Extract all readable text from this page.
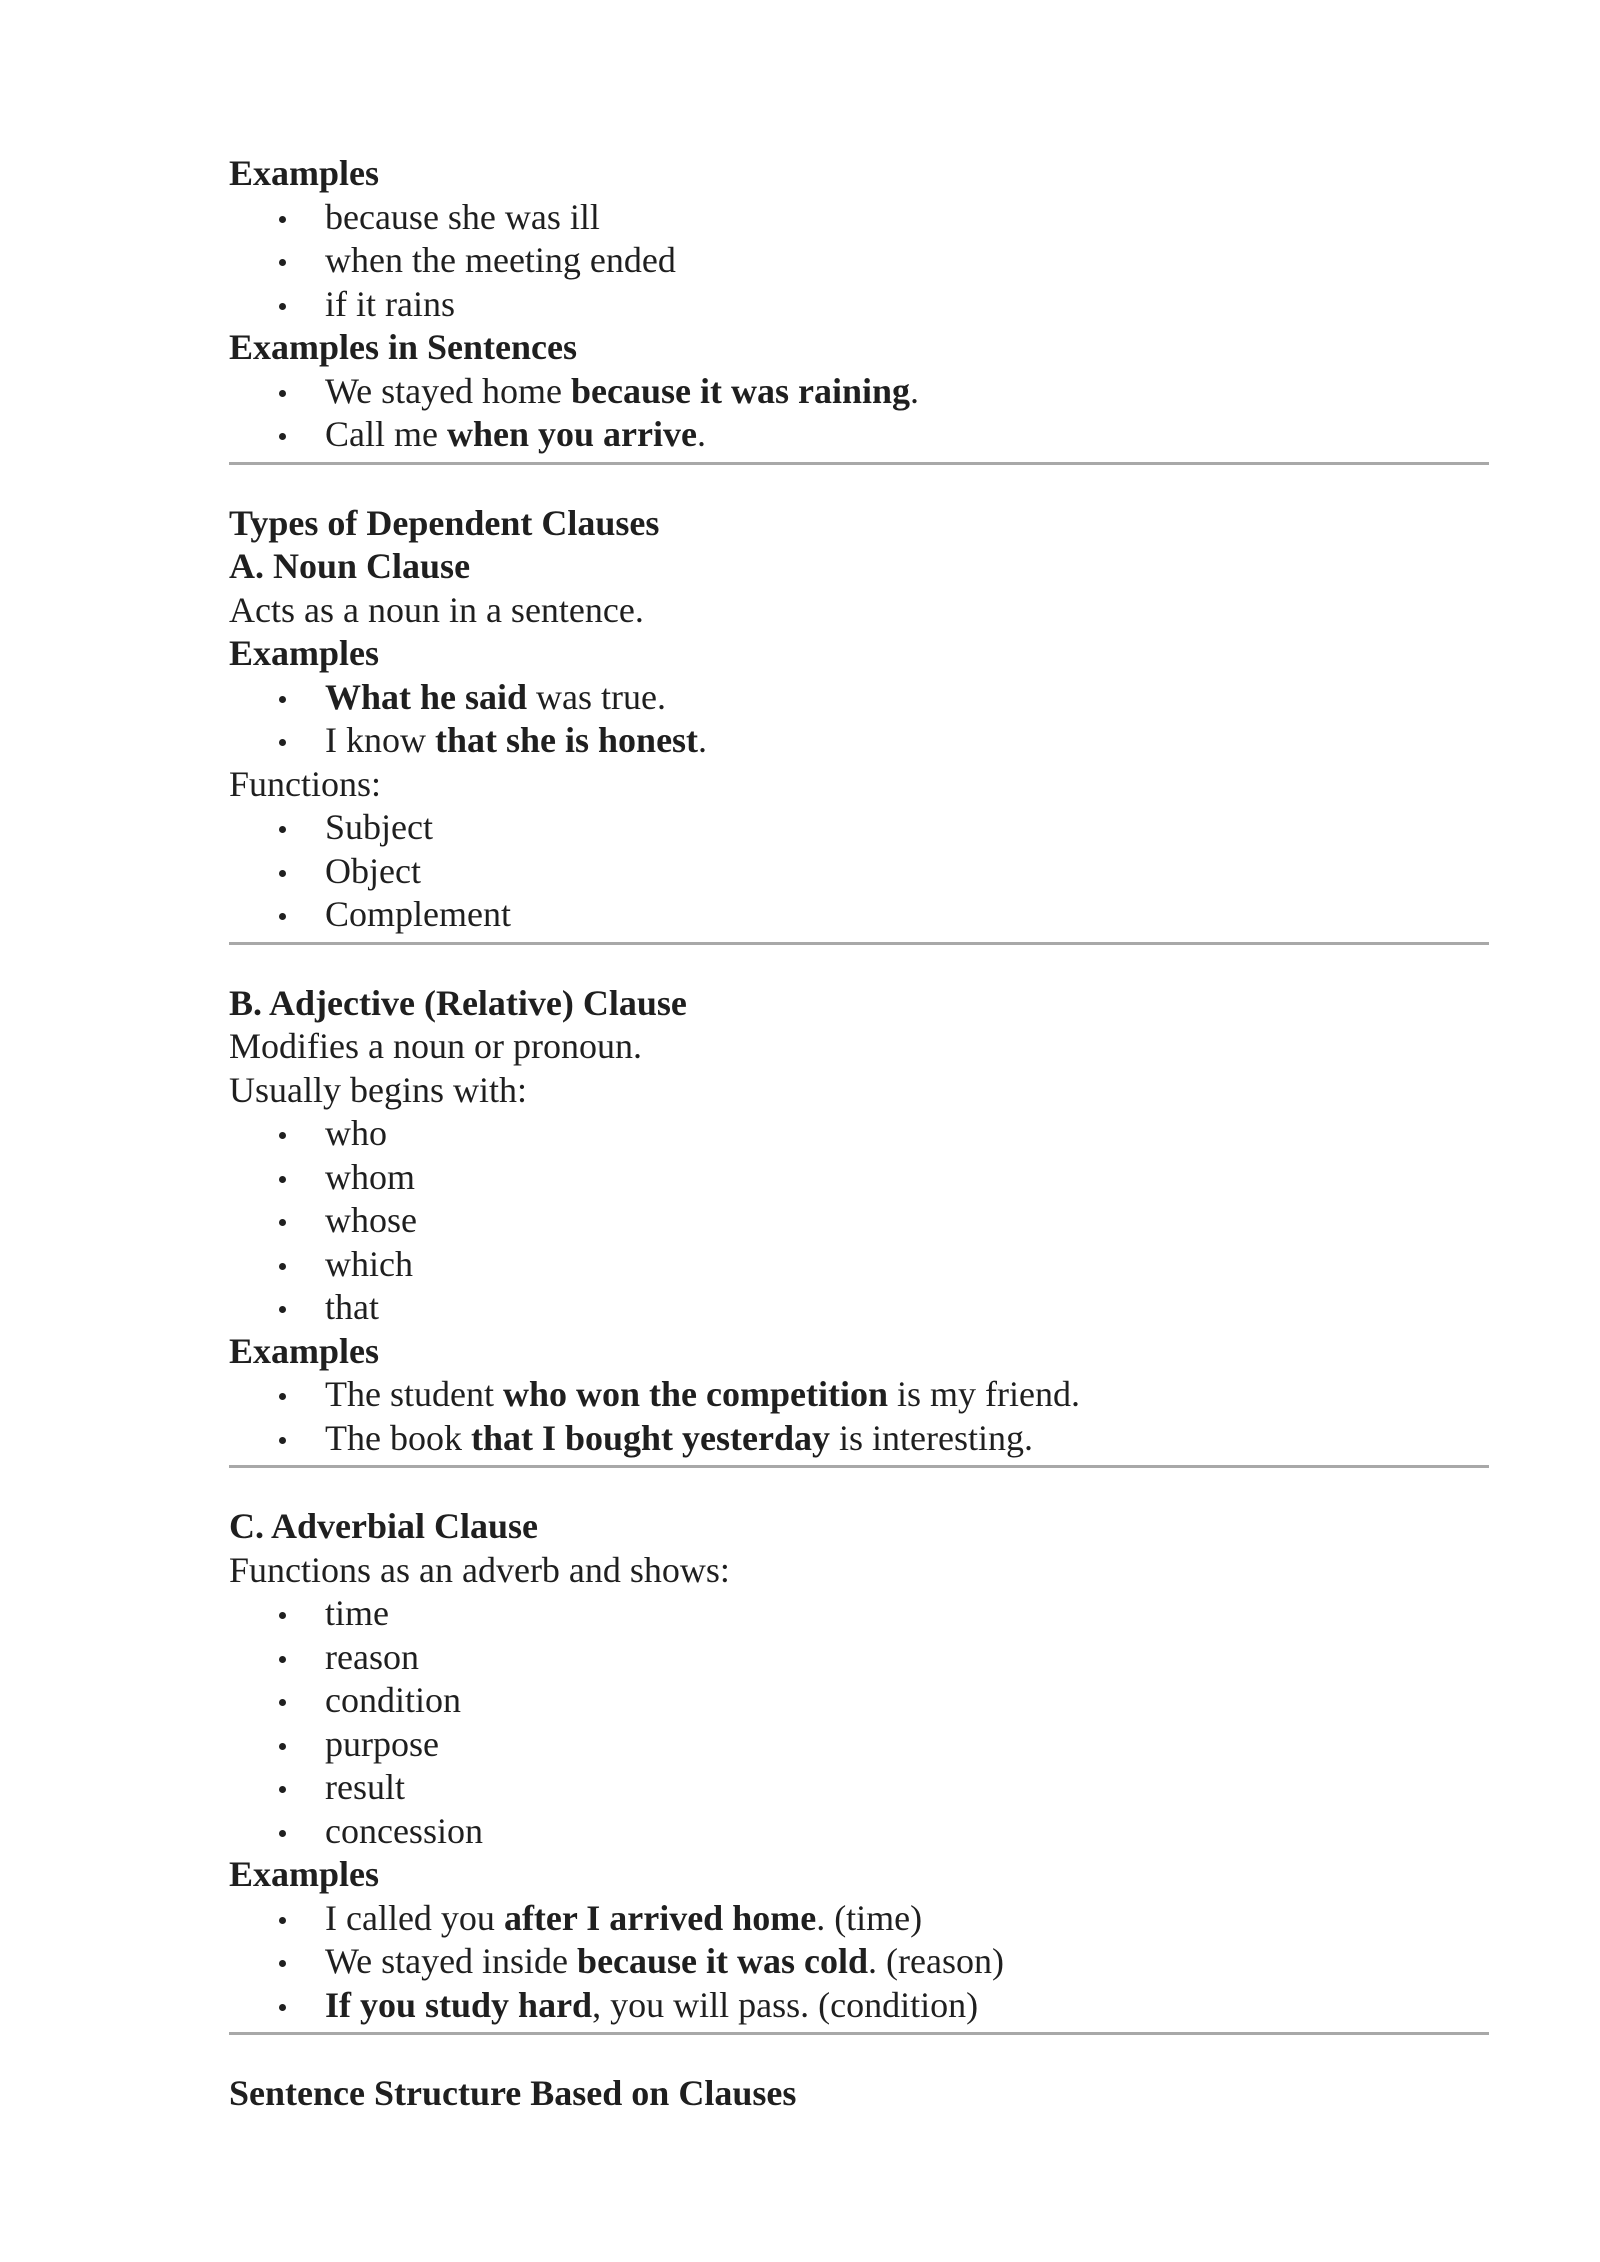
Examples
because she was ill
when the meeting ended
if it rains
Examples in Sentences
We stayed home because it was raining.
Call me when you arrive.
Types of Dependent Clauses
A. Noun Clause
Acts as a noun in a sentence.
Examples
What he said was true.
I know that she is honest.
Functions:
Subject
Object
Complement
B. Adjective (Relative) Clause
Modifies a noun or pronoun.
Usually begins with:
who
whom
whose
which
that
Examples
The student who won the competition is my friend.
The book that I bought yesterday is interesting.
C. Adverbial Clause
Functions as an adverb and shows:
time
reason
condition
purpose
result
concession
Examples
I called you after I arrived home. (time)
We stayed inside because it was cold. (reason)
If you study hard, you will pass. (condition)
Sentence Structure Based on Clauses
